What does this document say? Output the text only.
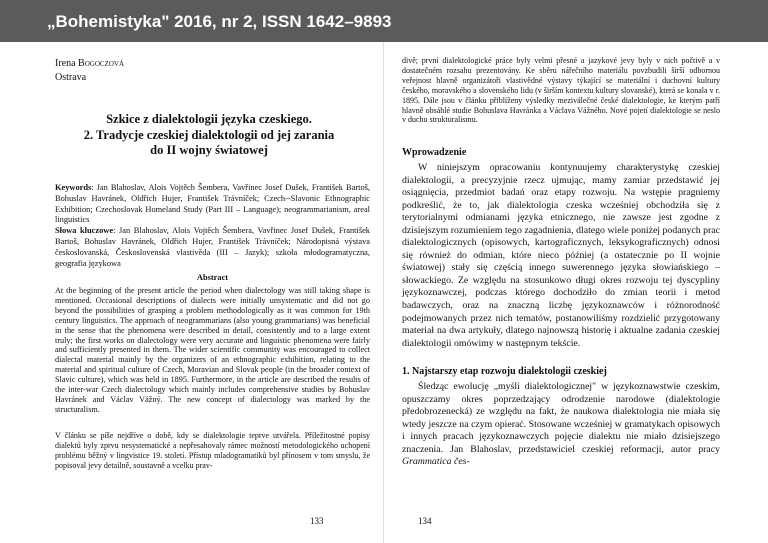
„Bohemistyka" 2016, nr 2, ISSN 1642–9893

Irena Bogoczová

Ostrava

Szkice z dialektologii języka czeskiego.
2. Tradycje czeskiej dialektologii od jej zarania
do II wojny światowej
Keywords: Jan Blahoslav, Alois Vojtěch Šembera, Vavřinec Josef Dušek, František Bartoš, Bohuslav Havránek, Oldřich Hujer, František Trávníček; Czech--Slavonic Ethnographic Exhibition; Czechoslovak Homeland Study (Part III – Language); neogrammarianism, areal linguistics
Słowa kluczowe: Jan Blahoslav, Alois Vojtěch Šembera, Vavřinec Josef Dušek, František Bartoš, Bohuslav Havránek, Oldřich Hujer, František Trávníček; Národopisná výstava českoslovanská, Československá vlastivěda (III – Jazyk); szkoła młodogramatyczna, geografia językowa

Abstract

At the beginning of the present article the period when dialectology was still taking shape is mentioned. Occasional descriptions of dialects were initially unsystematic and did not go beyond the possibilities of grasping a problem methodologically as it was common for 19th century linguistics. The approach of neogrammarians (also young grammarians) was beneficial in the sense that the phenomena were described in detail, consistently and to a large extent truly; the first works on dialectology were very accurate and linguistic phenomena were fairly and sufficiently presented in them. The wider scientific community was encouraged to collect dialectal material mainly by the organizers of an ethnographic exhibition, relating to the material and spiritual culture of Czech, Moravian and Slovak people (in the broader context of Slavic culture), which was held in 1895. Furthermore, in the article are described the results of the inter-war Czech dialectology which mainly includes comprehensive studies by Bohuslav Havránek and Václav Vážný. The new concept of dialectology was marked by the structuralism.

V článku se píše nejdříve o době, kdy se dialektologie teprve utvářela. Příležitostné popisy dialektů byly zprvu nesystematické a nepřesahovaly rámec možností metodologického uchopení problému běžný v lingvistice 19. století. Přístup mladogramatiků byl přínosem v tom smyslu, že popisoval jevy detailně, soustavně a vcelku prav-

133

divě; první dialektologické práce byly velmi přesné a jazykové jevy byly v nich počtivě a v dostatečném rozsahu prezentovány. Ke sběru nářečního materiálu povzbudili širší odbornou veřejnost hlavně organizátoři vlastivědné výstavy týkající se materiální i duchovní kultury českého, moravského a slovenského lidu (v širším kontextu kultury slovanské), která se konala v r. 1895. Dále jsou v článku přiblíženy výsledky meziválečné české dialektologie, ke kterým patří hlavně obsáhlé studie Bohuslava Havránka a Václava Vážného. Nové pojetí dialektologie se neslo v duchu strukturalismu.

Wprowadzenie

W niniejszym opracowaniu kontynuujemy charakterystykę czeskiej dialektologii, a precyzyjnie rzecz ujmując, mamy zamiar przedstawić jej osiągnięcia, przedmiot badań oraz etapy rozwoju. Na wstępie pragniemy podkreślić, że to, jak dialektologia czeska wcześniej obchodziła się z terytorialnymi odmianami języka etnicznego, nie zawsze jest zgodne z dzisiejszym rozumieniem tego zagadnienia, dlatego wiele poniżej podanych prac dialektologicznych (opisowych, kartograficznych, leksykograficznych) odnosi się również do odmian, które nieco później (a ostatecznie po II wojnie światowej) stały się częścią innego suwerennego języka słowiańskiego – słowackiego. Ze względu na stosunkowo długi okres rozwoju tej dyscypliny językoznawczej, podczas którego dochodziło do zmian teorii i metod badawczych, oraz na znaczną liczbę językoznawców i różnorodność podejmowanych przez nich tematów, postanowiliśmy rozdzielić przygotowany materiał na dwa artykuły, dlatego najnowszą historię i aktualne zadania czeskiej dialektologii omówimy w następnym tekście.

1. Najstarszy etap rozwoju dialektologii czeskiej

Śledząc ewolucję „myśli dialektologicznej" w językoznawstwie czeskim, opuszczamy okres poprzedzający odrodzenie narodowe (dialektologie předobrozenecká) ze względu na fakt, że naukowa dialektologia nie miała się wtedy jeszcze na czym opierać. Stosowane wcześniej w gramatykach opisowych i innych pracach językoznawczych pojęcie dialektu nie miało dzisiejszego znaczenia. Jan Blahoslav, przedstawiciel czeskiej reformacji, autor pracy Grammatica čes-

134
